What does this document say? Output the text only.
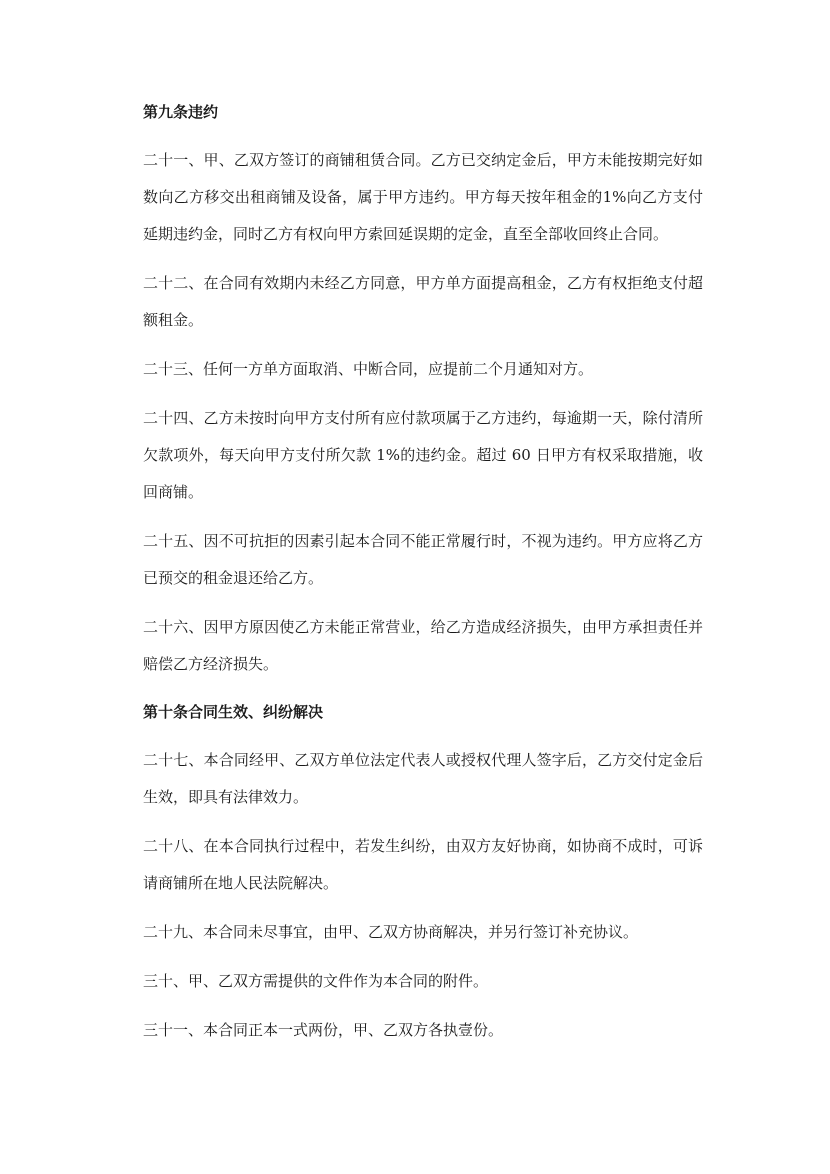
第九条违约

二十一、甲、乙双方签订的商铺租赁合同。乙方已交纳定金后，甲方未能按期完好如数向乙方移交出租商铺及设备，属于甲方违约。甲方每天按年租金的1%向乙方支付延期违约金，同时乙方有权向甲方索回延误期的定金，直至全部收回终止合同。

二十二、在合同有效期内未经乙方同意，甲方单方面提高租金，乙方有权拒绝支付超额租金。

二十三、任何一方单方面取消、中断合同，应提前二个月通知对方。

二十四、乙方未按时向甲方支付所有应付款项属于乙方违约，每逾期一天，除付清所欠款项外，每天向甲方支付所欠款 1%的违约金。超过 60 日甲方有权采取措施，收回商铺。

二十五、因不可抗拒的因素引起本合同不能正常履行时，不视为违约。甲方应将乙方已预交的租金退还给乙方。

二十六、因甲方原因使乙方未能正常营业，给乙方造成经济损失，由甲方承担责任并赔偿乙方经济损失。

第十条合同生效、纠纷解决

二十七、本合同经甲、乙双方单位法定代表人或授权代理人签字后，乙方交付定金后生效，即具有法律效力。

二十八、在本合同执行过程中，若发生纠纷，由双方友好协商，如协商不成时，可诉请商铺所在地人民法院解决。

二十九、本合同未尽事宜，由甲、乙双方协商解决，并另行签订补充协议。

三十、甲、乙双方需提供的文件作为本合同的附件。

三十一、本合同正本一式两份，甲、乙双方各执壹份。
